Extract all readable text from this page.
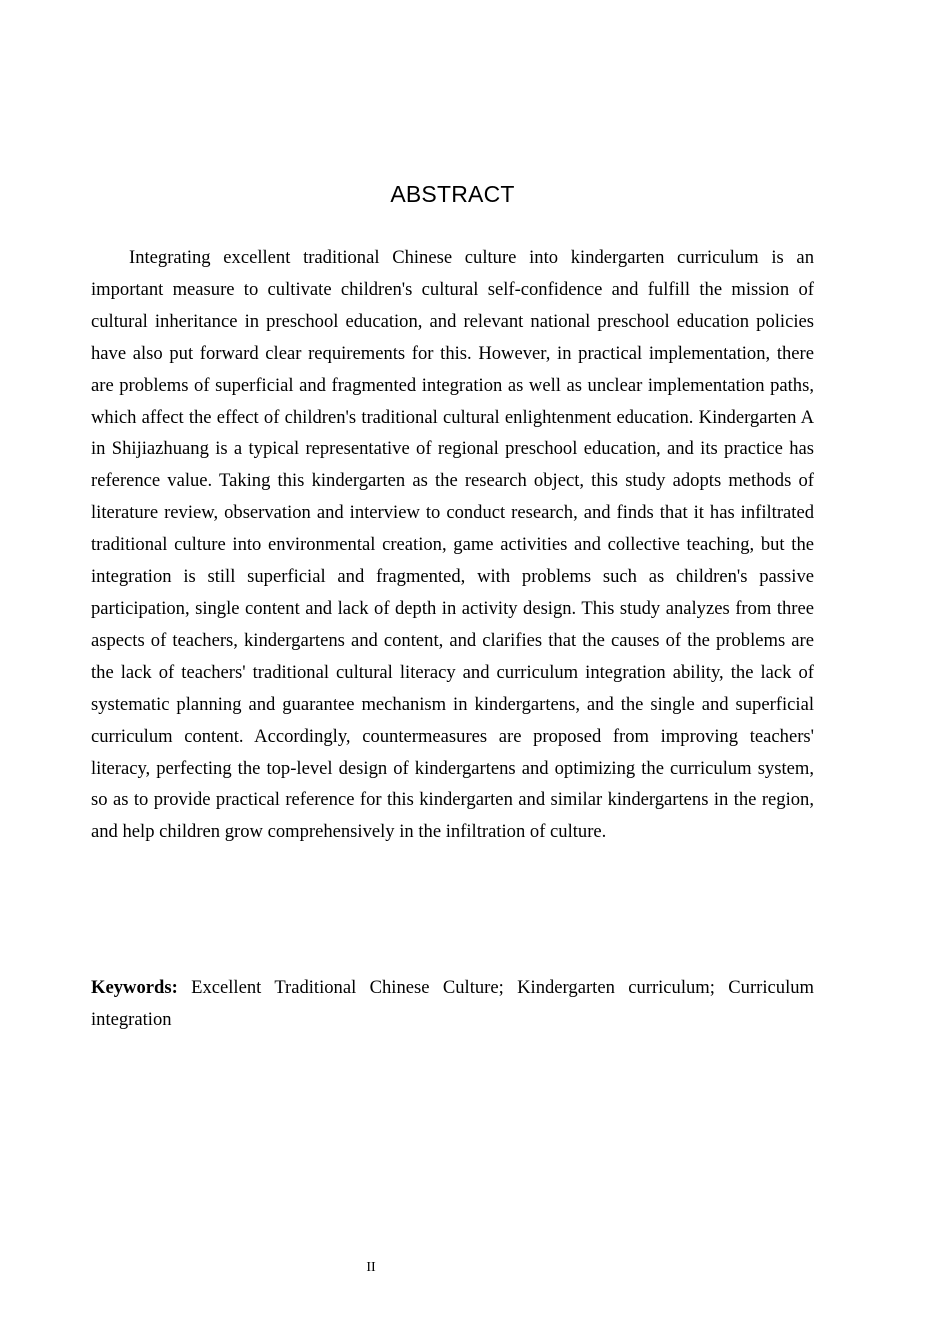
ABSTRACT

Integrating excellent traditional Chinese culture into kindergarten curriculum is an important measure to cultivate children's cultural self-confidence and fulfill the mission of cultural inheritance in preschool education, and relevant national preschool education policies have also put forward clear requirements for this. However, in practical implementation, there are problems of superficial and fragmented integration as well as unclear implementation paths, which affect the effect of children's traditional cultural enlightenment education. Kindergarten A in Shijiazhuang is a typical representative of regional preschool education, and its practice has reference value. Taking this kindergarten as the research object, this study adopts methods of literature review, observation and interview to conduct research, and finds that it has infiltrated traditional culture into environmental creation, game activities and collective teaching, but the integration is still superficial and fragmented, with problems such as children's passive participation, single content and lack of depth in activity design. This study analyzes from three aspects of teachers, kindergartens and content, and clarifies that the causes of the problems are the lack of teachers' traditional cultural literacy and curriculum integration ability, the lack of systematic planning and guarantee mechanism in kindergartens, and the single and superficial curriculum content. Accordingly, countermeasures are proposed from improving teachers' literacy, perfecting the top-level design of kindergartens and optimizing the curriculum system, so as to provide practical reference for this kindergarten and similar kindergartens in the region, and help children grow comprehensively in the infiltration of culture.

Keywords: Excellent Traditional Chinese Culture; Kindergarten curriculum; Curriculum integration

II
